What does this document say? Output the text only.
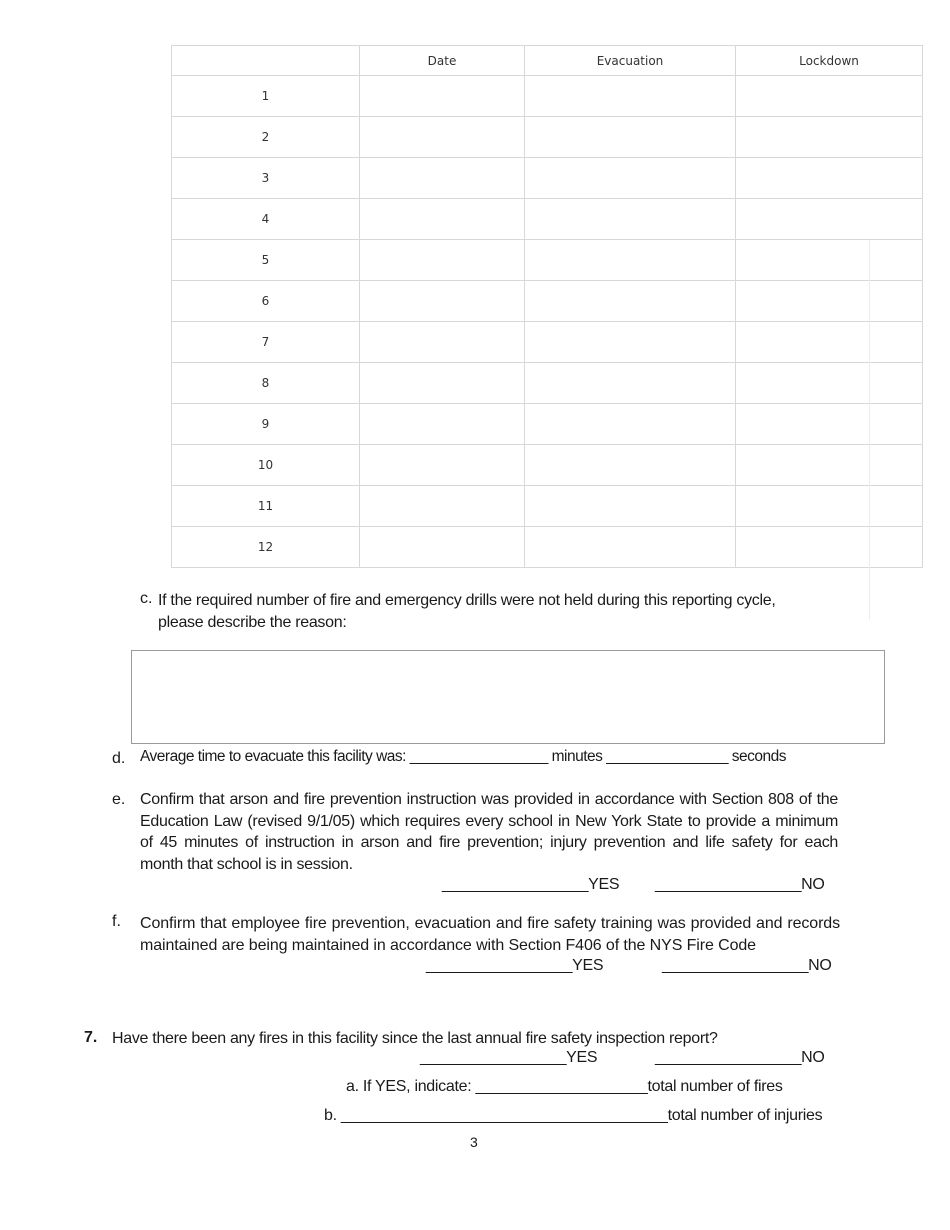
	Date	Evacuation	Lockdown
1			
2			
3			
4			
5			
6			
7			
8			
9			
10			
11			
12			
c. If the required number of fire and emergency drills were not held during this reporting cycle, please describe the reason:
d. Average time to evacuate this facility was: _________________ minutes _______________ seconds
e. Confirm that arson and fire prevention instruction was provided in accordance with Section 808 of the Education Law (revised 9/1/05) which requires every school in New York State to provide a minimum of 45 minutes of instruction in arson and fire prevention; injury prevention and life safety for each month that school is in session.
_________________YES _________________NO
f. Confirm that employee fire prevention, evacuation and fire safety training was provided and records maintained are being maintained in accordance with Section F406 of the NYS Fire Code
_________________YES	_________________NO
7. Have there been any fires in this facility since the last annual fire safety inspection report?
_________________YES	_________________NO
a. If YES, indicate: ____________________total number of fires
b. ______________________________________total number of injuries
3
